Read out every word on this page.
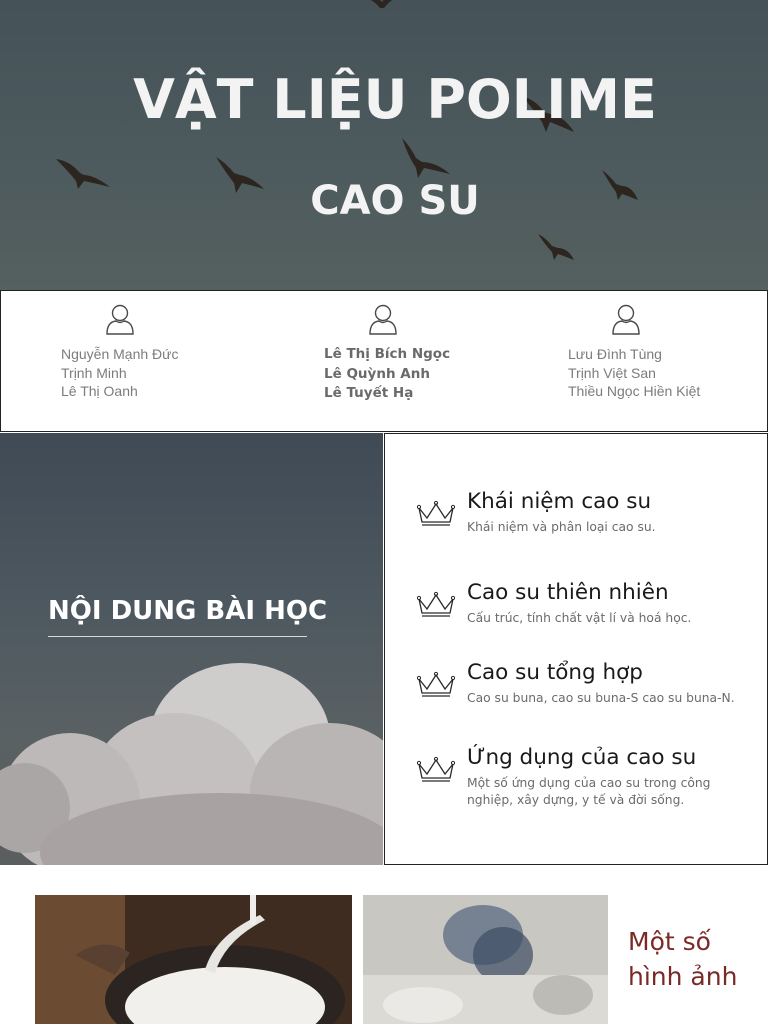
VẬT LIỆU POLIME
CAO SU
Nguyễn Mạnh Đức
Trịnh Minh
Lê Thị Oanh
Lê Thị Bích Ngọc
Lê Quỳnh Anh
Lê Tuyết Hạ
Lưu Đình Tùng
Trịnh Việt San
Thiều Ngọc Hiền Kiệt
NỘI DUNG BÀI HỌC
Khái niệm cao su
Khái niệm và phân loại cao su.
Cao su thiên nhiên
Cấu trúc, tính chất vật lí và hoá học.
Cao su tổng hợp
Cao su buna, cao su buna-S cao su buna-N.
Ứng dụng của cao su
Một số ứng dụng của cao su trong công nghiệp, xây dựng, y tế và đời sống.
Một số hình ảnh
